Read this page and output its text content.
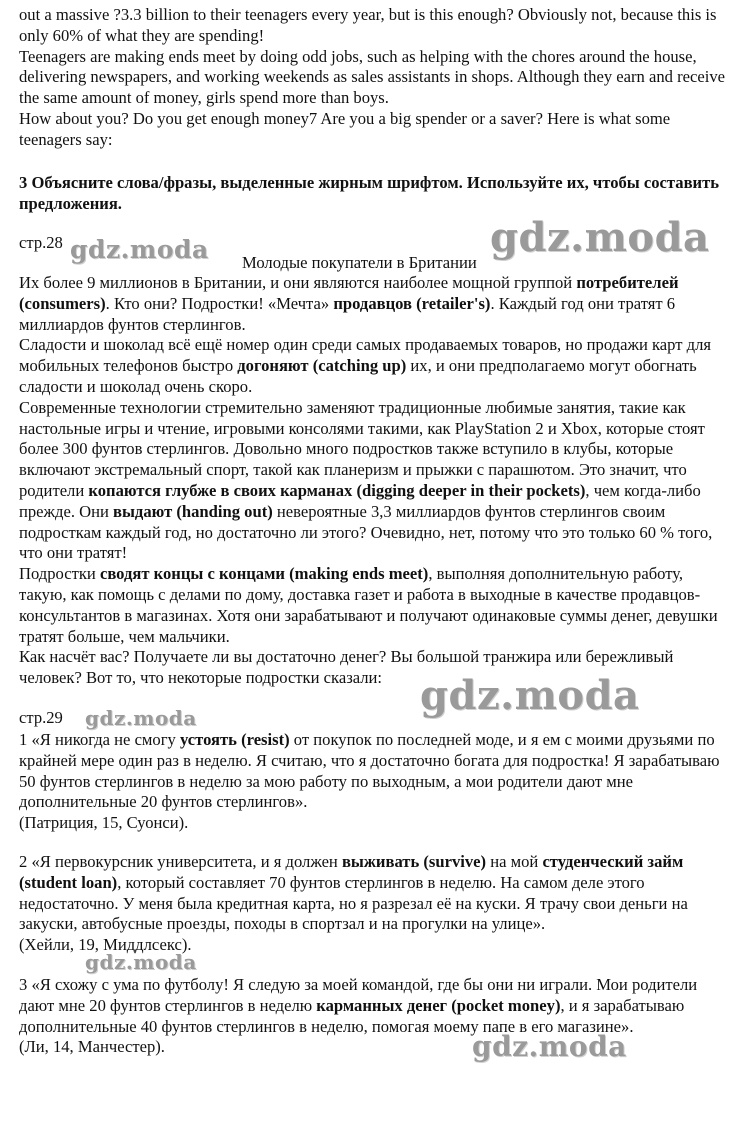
out a massive ?3.3 billion to their teenagers every year, but is this enough? Obviously not, because this is only 60% of what they are spending!

Teenagers are making ends meet by doing odd jobs, such as helping with the chores around the house, delivering newspapers, and working weekends as sales assistants in shops. Although they earn and receive the same amount of money, girls spend more than boys.

How about you? Do you get enough money7 Are you a big spender or a saver? Here is what some teenagers say:

3 Объясните слова/фразы, выделенные жирным шрифтом. Используйте их, чтобы составить предложения.

стр.28
Молодые покупатели в Британии

Их более 9 миллионов в Британии, и они являются наиболее мощной группой потребителей (consumers). Кто они? Подростки! «Мечта» продавцов (retailer's). Каждый год они тратят 6 миллиардов фунтов стерлингов.

Сладости и шоколад всё ещё номер один среди самых продаваемых товаров, но продажи карт для мобильных телефонов быстро догоняют (catching up) их, и они предполагаемо могут обогнать сладости и шоколад очень скоро.

Современные технологии стремительно заменяют традиционные любимые занятия, такие как настольные игры и чтение, игровыми консолями такими, как PlayStation 2 и Xbox, которые стоят более 300 фунтов стерлингов. Довольно много подростков также вступило в клубы, которые включают экстремальный спорт, такой как планеризм и прыжки с парашютом. Это значит, что родители копаются глубже в своих карманах (digging deeper in their pockets), чем когда-либо прежде. Они выдают (handing out) невероятные 3,3 миллиардов фунтов стерлингов своим подросткам каждый год, но достаточно ли этого? Очевидно, нет, потому что это только 60 % того, что они тратят!

Подростки сводят концы с концами (making ends meet), выполняя дополнительную работу, такую, как помощь с делами по дому, доставка газет и работа в выходные в качестве продавцов-консультантов в магазинах. Хотя они зарабатывают и получают одинаковые суммы денег, девушки тратят больше, чем мальчики.

Как насчёт вас? Получаете ли вы достаточно денег? Вы большой транжира или бережливый человек? Вот то, что некоторые подростки сказали:

стр.29

1 «Я никогда не смогу устоять (resist) от покупок по последней моде, и я ем с моими друзьями по крайней мере один раз в неделю. Я считаю, что я достаточно богата для подростка! Я зарабатываю 50 фунтов стерлингов в неделю за мою работу по выходным, а мои родители дают мне дополнительные 20 фунтов стерлингов».

(Патриция, 15, Суонси).

2 «Я первокурсник университета, и я должен выживать (survive) на мой студенческий займ (student loan), который составляет 70 фунтов стерлингов в неделю. На самом деле этого недостаточно. У меня была кредитная карта, но я разрезал её на куски. Я трачу свои деньги на закуски, автобусные проезды, походы в спортзал и на прогулки на улице».

(Хейли, 19, Миддлсекс).

3 «Я схожу с ума по футболу! Я следую за моей командой, где бы они ни играли. Мои родители дают мне 20 фунтов стерлингов в неделю карманных денег (pocket money), и я зарабатываю дополнительные 40 фунтов стерлингов в неделю, помогая моему папе в его магазине».

(Ли, 14, Манчестер).

gdz.moda	gdz.moda
gdz.moda
gdz.moda
gdz.moda
gdz.moda
